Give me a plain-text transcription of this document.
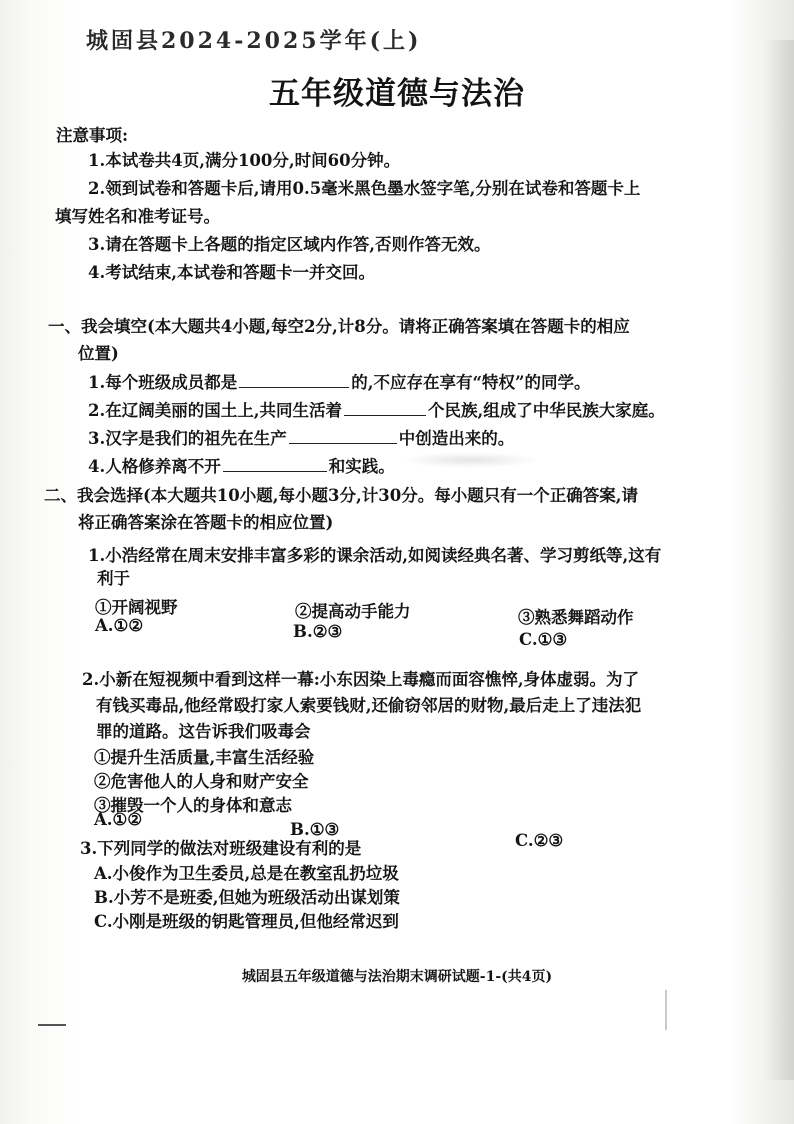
城固县2024-2025学年(上)
五年级道德与法治
注意事项:
1.本试卷共4页,满分100分,时间60分钟。
2.领到试卷和答题卡后,请用0.5毫米黑色墨水签字笔,分别在试卷和答题卡上
填写姓名和准考证号。
3.请在答题卡上各题的指定区域内作答,否则作答无效。
4.考试结束,本试卷和答题卡一并交回。
一、我会填空(本大题共4小题,每空2分,计8分。请将正确答案填在答题卡的相应
位置)
1.每个班级成员都是	的,不应存在享有“特权”的同学。
2.在辽阔美丽的国土上,共同生活着	个民族,组成了中华民族大家庭。
3.汉字是我们的祖先在生产	中创造出来的。
4.人格修养离不开	和实践。
二、我会选择(本大题共10小题,每小题3分,计30分。每小题只有一个正确答案,请
将正确答案涂在答题卡的相应位置)
1.小浩经常在周末安排丰富多彩的课余活动,如阅读经典名著、学习剪纸等,这有
利于
①开阔视野	②提高动手能力	③熟悉舞蹈动作
A.①②	B.②③	C.①③
2.小新在短视频中看到这样一幕:小东因染上毒瘾而面容憔悴,身体虚弱。为了
有钱买毒品,他经常殴打家人索要钱财,还偷窃邻居的财物,最后走上了违法犯
罪的道路。这告诉我们吸毒会
①提升生活质量,丰富生活经验
②危害他人的人身和财产安全
③摧毁一个人的身体和意志
A.①②
B.①③
C.②③
3.下列同学的做法对班级建设有利的是
A.小俊作为卫生委员,总是在教室乱扔垃圾
B.小芳不是班委,但她为班级活动出谋划策
C.小刚是班级的钥匙管理员,但他经常迟到
城固县五年级道德与法治期末调研试题-1-(共4页)
